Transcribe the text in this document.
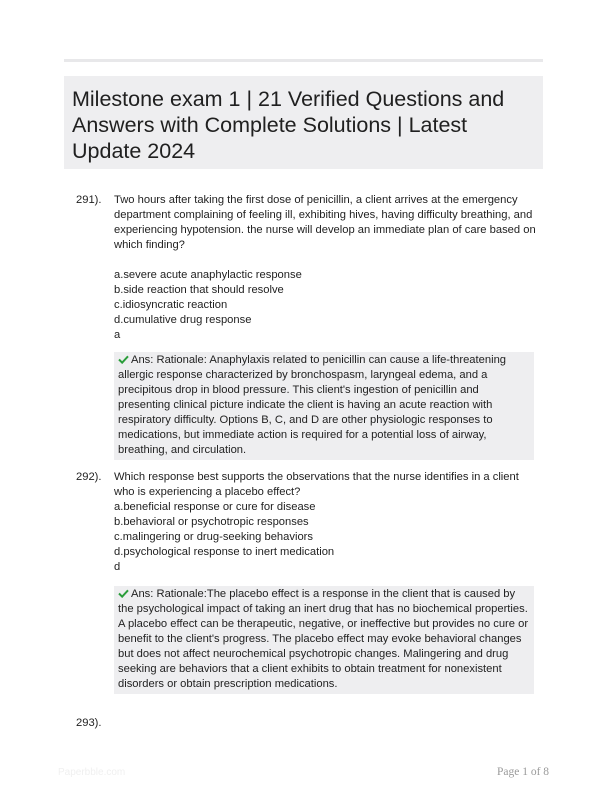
Milestone exam 1 | 21 Verified Questions and Answers with Complete Solutions | Latest Update 2024
291). Two hours after taking the first dose of penicillin, a client arrives at the emergency department complaining of feeling ill, exhibiting hives, having difficulty breathing, and experiencing hypotension. the nurse will develop an immediate plan of care based on which finding?

a.severe acute anaphylactic response
b.side reaction that should resolve
c.idiosyncratic reaction
d.cumulative drug response
a
Ans: Rationale: Anaphylaxis related to penicillin can cause a life-threatening allergic response characterized by bronchospasm, laryngeal edema, and a precipitous drop in blood pressure. This client's ingestion of penicillin and presenting clinical picture indicate the client is having an acute reaction with respiratory difficulty. Options B, C, and D are other physiologic responses to medications, but immediate action is required for a potential loss of airway, breathing, and circulation.
292). Which response best supports the observations that the nurse identifies in a client who is experiencing a placebo effect?

a.beneficial response or cure for disease
b.behavioral or psychotropic responses
c.malingering or drug-seeking behaviors
d.psychological response to inert medication
d
Ans: Rationale:The placebo effect is a response in the client that is caused by the psychological impact of taking an inert drug that has no biochemical properties. A placebo effect can be therapeutic, negative, or ineffective but provides no cure or benefit to the client's progress. The placebo effect may evoke behavioral changes but does not affect neurochemical psychotropic changes. Malingering and drug seeking are behaviors that a client exhibits to obtain treatment for nonexistent disorders or obtain prescription medications.
293).
Paperbble.com	Page 1 of 8
